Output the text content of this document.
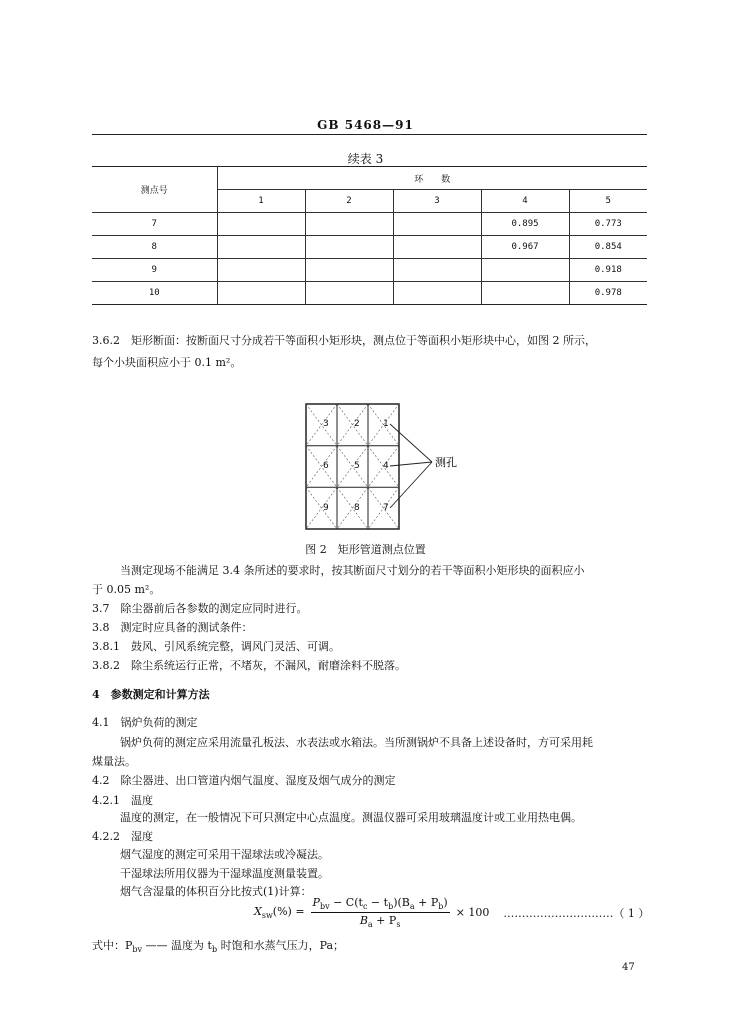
GB 5468—91
续表 3
测点号	环　　数				
	1	2	3	4	5
7				0.895	0.773
8				0.967	0.854
9					0.918
10					0.978
3.6.2　 矩形断面：按断面尺寸分成若干等面积小矩形块，测点位于等面积小矩形块中心，如图 2 所示，
每个小块面积应小于 0.1 m²。
3	2	1
6	5	4
9	8	7
测孔
图 2　矩形管道测点位置
当测定现场不能满足 3.4 条所述的要求时，按其断面尺寸划分的若干等面积小矩形块的面积应小
于 0.05 m²。
3.7　 除尘器前后各参数的测定应同时进行。
3.8　 测定时应具备的测试条件：
3.8.1　 鼓风、引风系统完整，调风门灵活、可调。
3.8.2　 除尘系统运行正常，不堵灰，不漏风，耐磨涂料不脱落。
4　 参数测定和计算方法
4.1　 锅炉负荷的测定
锅炉负荷的测定应采用流量孔板法、水表法或水箱法。当所测锅炉不具备上述设备时，方可采用耗
煤量法。
4.2　 除尘器进、出口管道内烟气温度、湿度及烟气成分的测定
4.2.1　 温度
温度的测定，在一般情况下可只测定中心点温度。测温仪器可采用玻璃温度计或工业用热电偶。
4.2.2　 湿度
烟气湿度的测定可采用干湿球法或冷凝法。
干湿球法所用仪器为干湿球温度测量装置。
烟气含湿量的体积百分比按式(1)计算：
$X_{sw}(\%)$ =
$P_{bv} - C(t_c - t_b)(B_a + P_b)$
$B_a + P_s$
× 100 …………………………（ 1 ）
式中：$P_{bv}$ —— 温度为 $t_b$ 时饱和水蒸气压力，Pa；
47
